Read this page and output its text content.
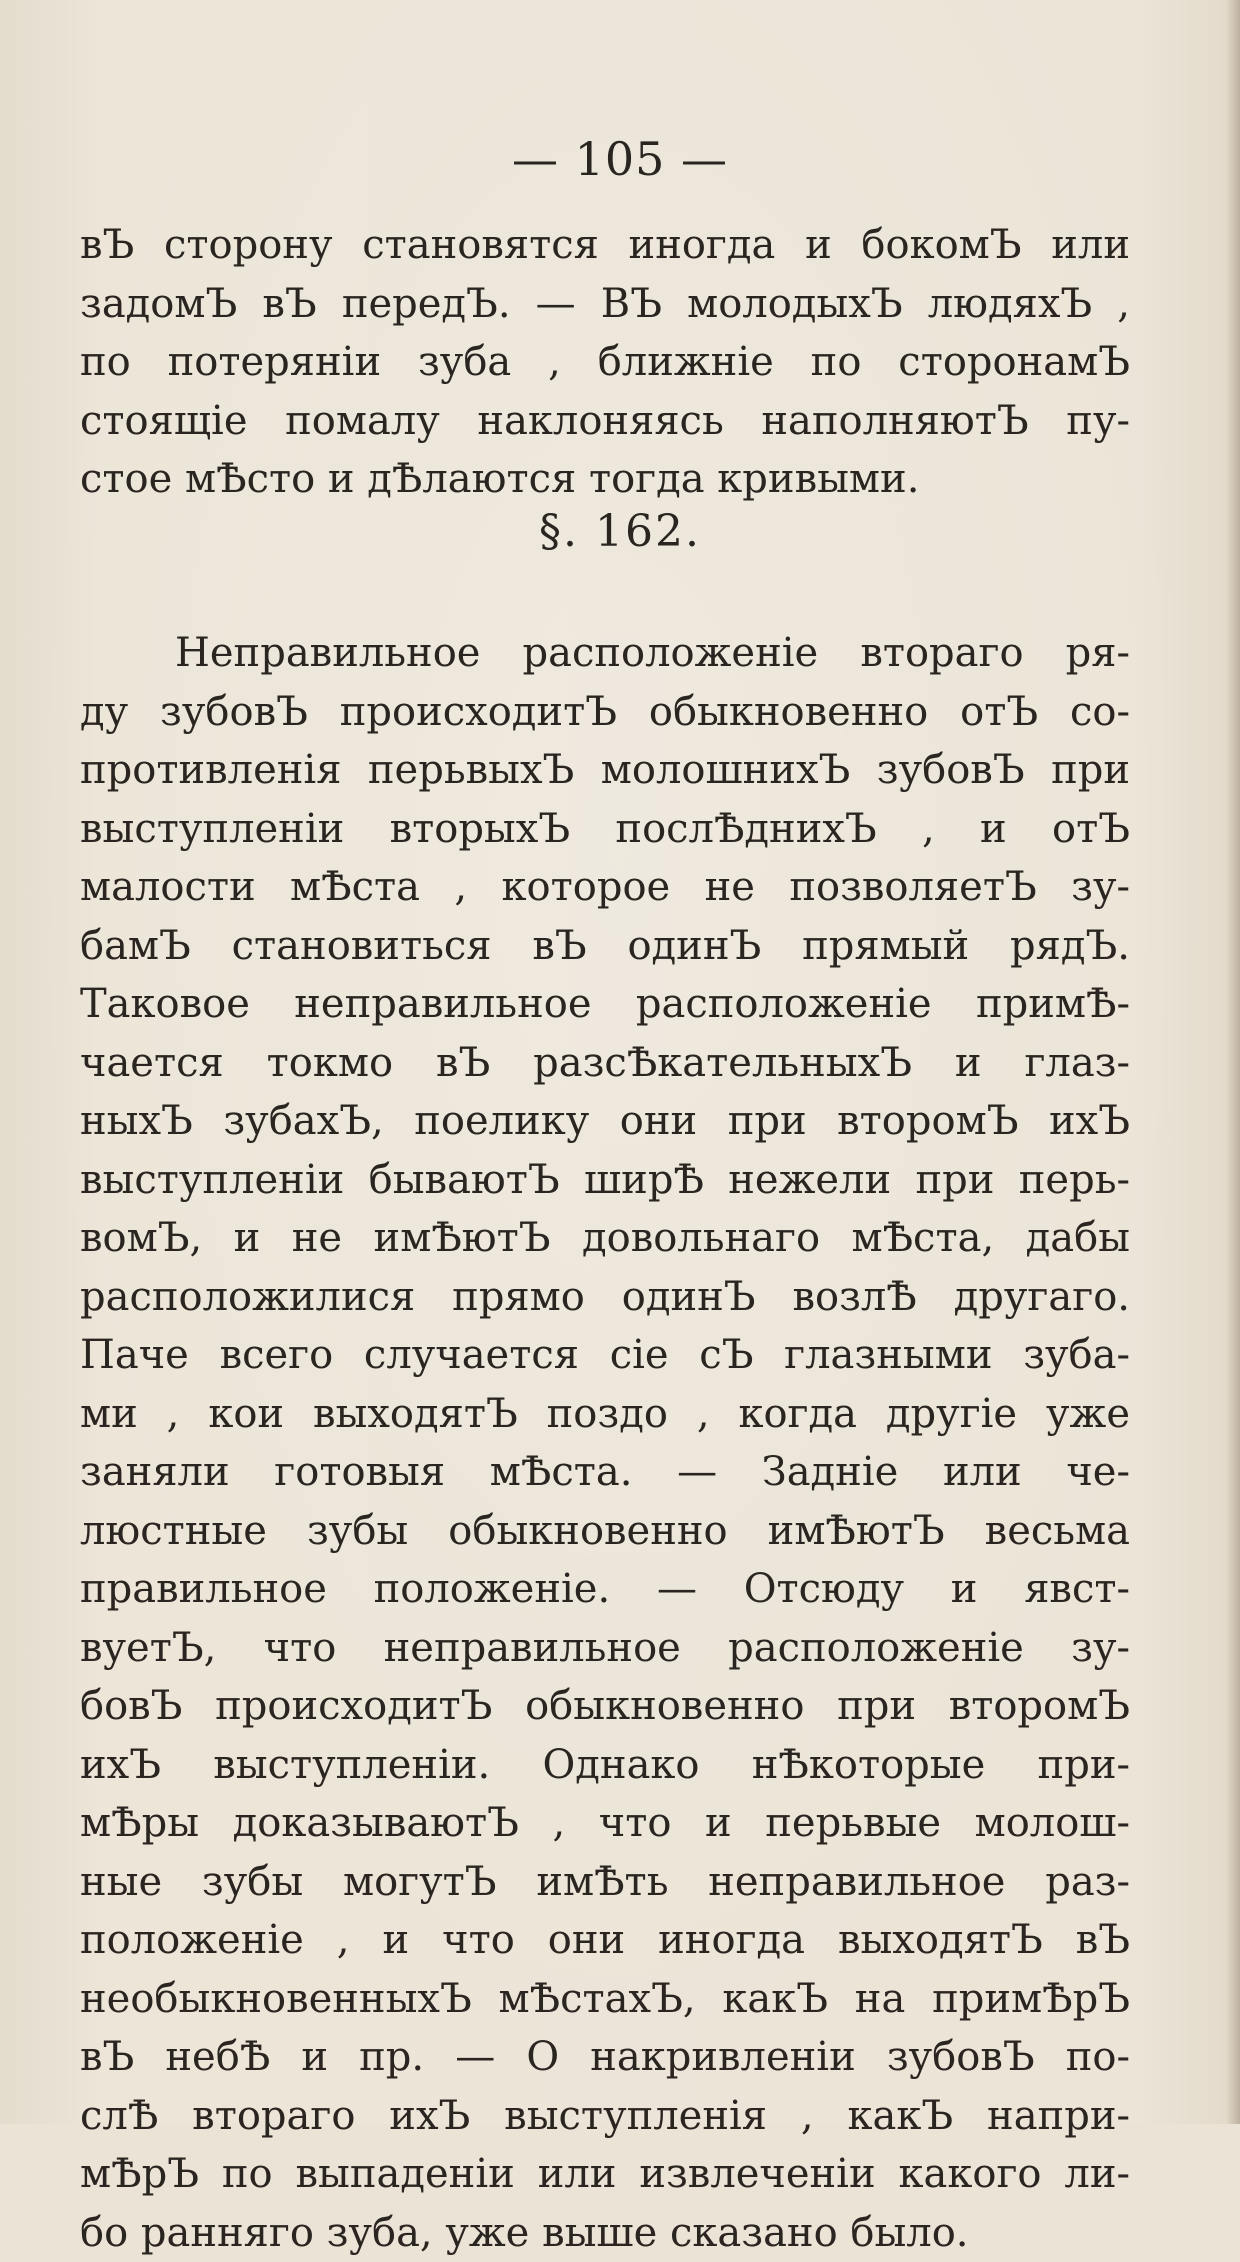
— 105 —
вЪ сторону становятся иногда и бокомЪ или
задомЪ вЪ передЪ. — ВЪ молодыхЪ людяхЪ ,
по потеряніи зуба , ближніе по сторонамЪ
стоящіе помалу наклоняясь наполняютЪ пу-
стое мѢсто и дѢлаются тогда кривыми.
§. 162.
Неправильное расположеніе втораго ря-
ду зубовЪ происходитЪ обыкновенно отЪ со-
противленія перьвыхЪ молошнихЪ зубовЪ при
выступленіи вторыхЪ послѢднихЪ , и отЪ
малости мѢста , которое не позволяетЪ зу-
бамЪ становиться вЪ одинЪ прямый рядЪ.
Таковое неправильное расположеніе примѢ-
чается токмо вЪ разсѢкательныхЪ и глаз-
ныхЪ зубахЪ, поелику они при второмЪ ихЪ
выступленіи бываютЪ ширѢ нежели при перь-
вомЪ, и не имѢютЪ довольнаго мѢста, дабы
расположилися прямо одинЪ возлѢ другаго.
Паче всего случается сіе сЪ глазными зуба-
ми , кои выходятЪ поздо , когда другіе уже
заняли готовыя мѢста. — Задніе или че-
люстные зубы обыкновенно имѢютЪ весьма
правильное положеніе. — Отсюду и явст-
вуетЪ, что неправильное расположеніе зу-
бовЪ происходитЪ обыкновенно при второмЪ
ихЪ выступленіи. Однако нѢкоторые при-
мѢры доказываютЪ , что и перьвые молош-
ные зубы могутЪ имѢть неправильное раз-
положеніе , и что они иногда выходятЪ вЪ
необыкновенныхЪ мѢстахЪ, какЪ на примѢрЪ
вЪ небѢ и пр. — О накривленіи зубовЪ по-
слѢ втораго ихЪ выступленія , какЪ напри-
мѢрЪ по выпаденіи или извлеченіи какого ли-
бо ранняго зуба, уже выше сказано было.
